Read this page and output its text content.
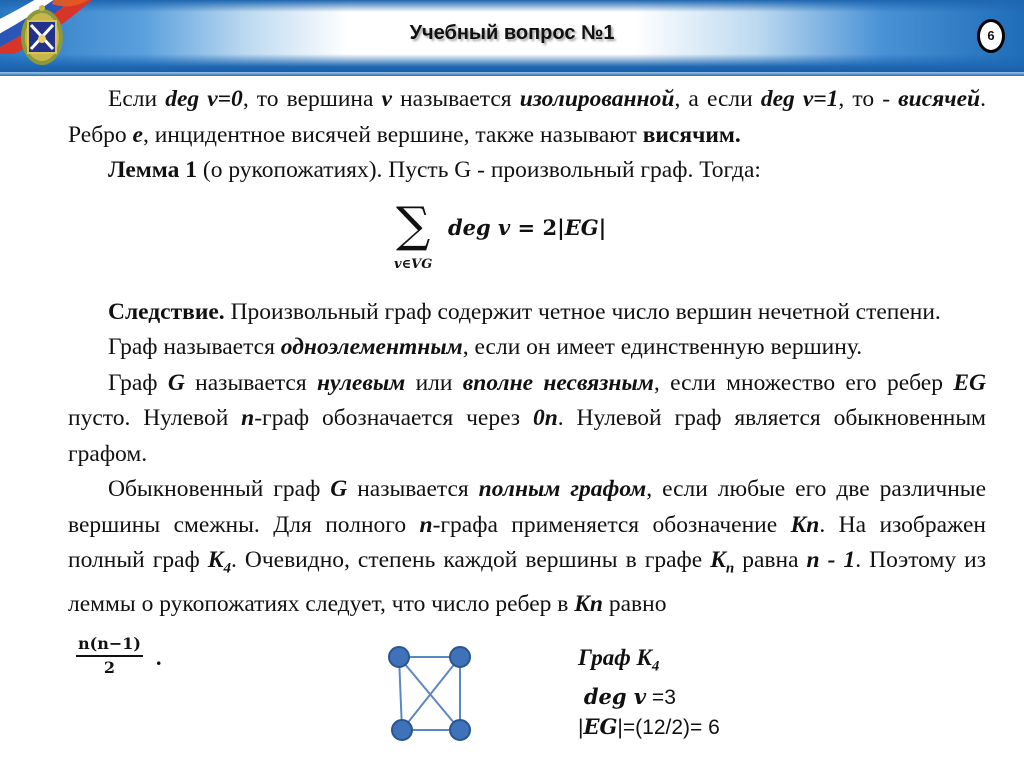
Учебный вопрос №1	6

Если deg v=0, то вершина v называется изолированной, а если deg v=1, то - висячей. Ребро e, инцидентное висячей вершине, также называют висячим.

Лемма 1 (о рукопожатиях). Пусть G - произвольный граф. Тогда:

Следствие. Произвольный граф содержит четное число вершин нечетной степени.

Граф называется одноэлементным, если он имеет единственную вершину.

Граф G называется нулевым или вполне несвязным, если множество его ребер EG пусто. Нулевой n-граф обозначается через 0n. Нулевой граф является обыкновенным графом.

Обыкновенный граф G называется полным графом, если любые его две различные вершины смежны. Для полного n-графа применяется обозначение Kn. На изображен полный граф $K_4$. Очевидно, степень каждой вершины в графе $K_n$ равна n - 1. Поэтому из леммы о рукопожатиях следует, что число ребер в Kn равно

∑
v∈VG
deg v = 2|EG|
$\frac{n(n-1)}{2}$ .	Граф $K_4$
deg v =3
|EG|=(12/2)= 6
